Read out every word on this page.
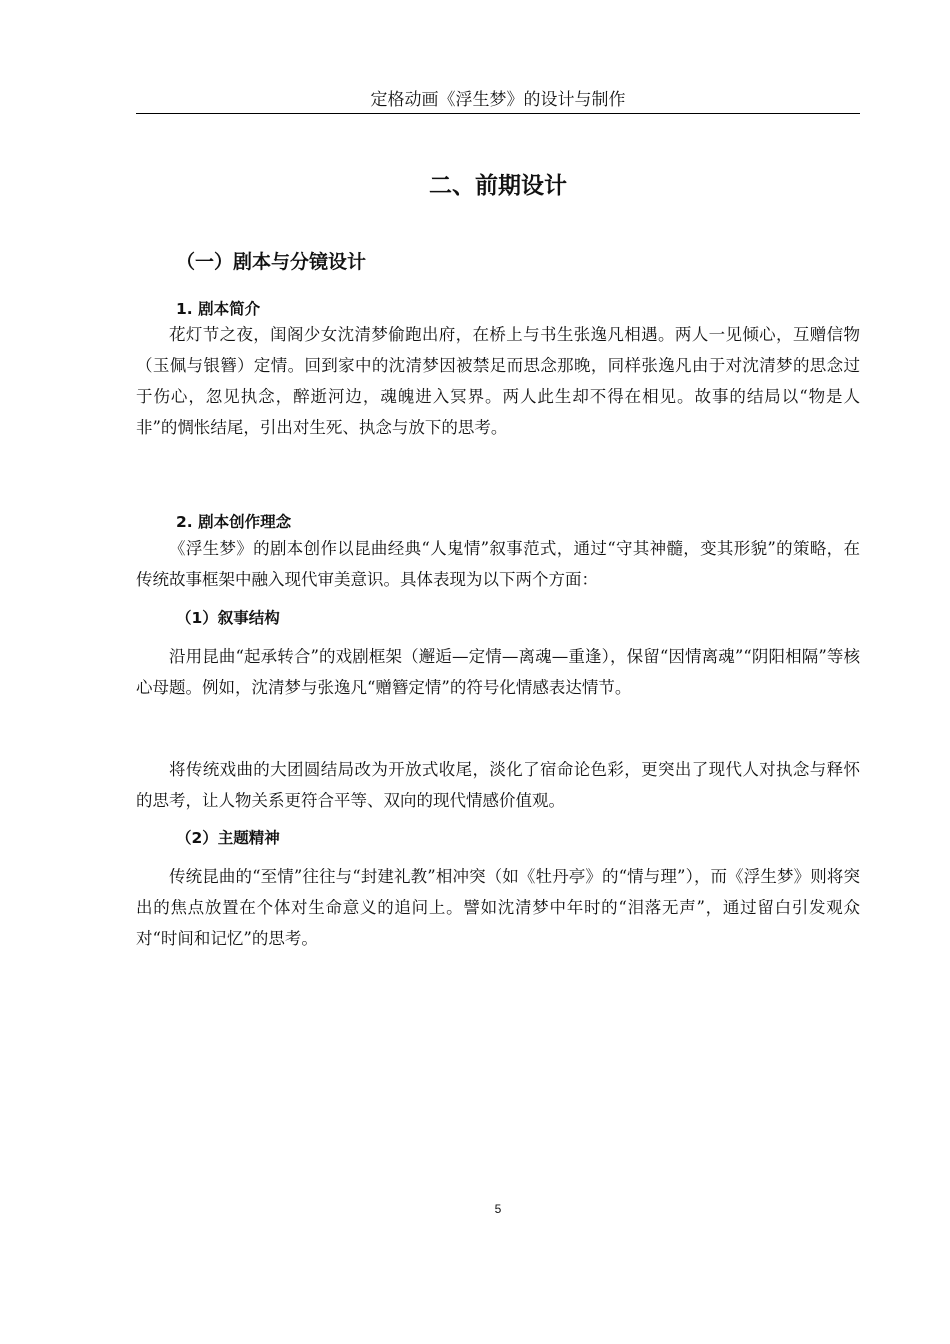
定格动画《浮生梦》的设计与制作
二、前期设计
（一）剧本与分镜设计
1. 剧本简介

花灯节之夜，闺阁少女沈清梦偷跑出府，在桥上与书生张逸凡相遇。两人一见倾心，互赠信物（玉佩与银簪）定情。回到家中的沈清梦因被禁足而思念那晚，同样张逸凡由于对沈清梦的思念过于伤心，忽见执念，醉逝河边，魂魄进入冥界。两人此生却不得在相见。故事的结局以“物是人非”的惆怅结尾，引出对生死、执念与放下的思考。

2. 剧本创作理念

《浮生梦》的剧本创作以昆曲经典“人鬼情”叙事范式，通过“守其神髓，变其形貌”的策略，在传统故事框架中融入现代审美意识。具体表现为以下两个方面：

（1）叙事结构

沿用昆曲“起承转合”的戏剧框架（邂逅—定情—离魂—重逢），保留“因情离魂”“阴阳相隔”等核心母题。例如，沈清梦与张逸凡“赠簪定情”的符号化情感表达情节。

将传统戏曲的大团圆结局改为开放式收尾，淡化了宿命论色彩，更突出了现代人对执念与释怀的思考，让人物关系更符合平等、双向的现代情感价值观。

（2）主题精神

传统昆曲的“至情”往往与“封建礼教”相冲突（如《牡丹亭》的“情与理”），而《浮生梦》则将突出的焦点放置在个体对生命意义的追问上。譬如沈清梦中年时的“泪落无声”，通过留白引发观众对“时间和记忆”的思考。

5
